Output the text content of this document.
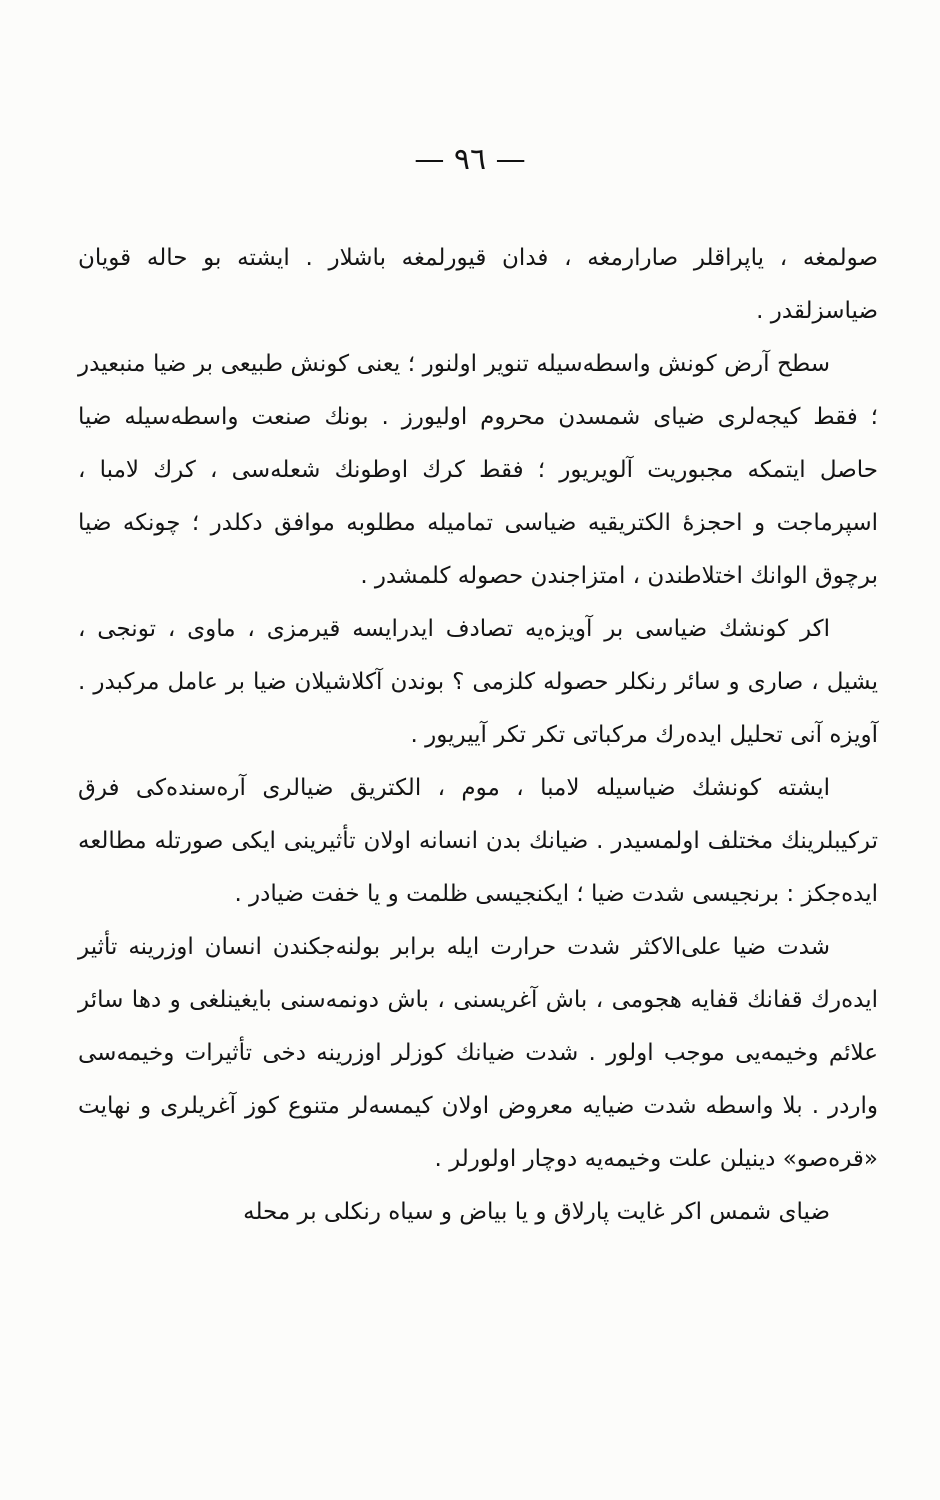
— ٩٦ —

صولمغه ، یاپراقلر صارارمغه ، فدان قیورلمغه باشلار . ایشته بو حاله قویان ضیاسزلقدر .

سطح آرض کونش واسطه‌سیله تنویر اولنور ؛ یعنی کونش طبیعی بر ضیا منبعیدر ؛ فقط کیجه‌لری ضیای شمسدن محروم اولیورز . بونك صنعت واسطه‌سیله ضیا حاصل ایتمکه مجبوریت آلویریور ؛ فقط کرك اوطونك شعله‌سی ، کرك لامبا ، اسپرماجت و احجزهٔ الکتریقیه ضیاسی تماميله مطلوبه موافق دکلدر ؛ چونکه ضیا برچوق الوانك اختلاطندن ، امتزاجندن حصوله کلمشدر .

اکر کونشك ضیاسی بر آویزه‌یه تصادف ایدرایسه قیرمزی ، ماوی ، تونجی ، یشیل ، صاری و سائر رنکلر حصوله کلزمی ؟ بوندن آکلاشیلان ضیا بر عامل مرکبدر . آویزه آنی تحلیل ایده‌رك مرکباتی تکر تکر آییریور .

ایشته کونشك ضیاسیله لامبا ، موم ، الکتریق ضیالری آره‌سنده‌کی فرق ترکیبلرینك مختلف اولمسیدر . ضیانك بدن انسانه اولان تأثیرینی ایکی صورتله مطالعه ایده‌جکز : برنجیسی شدت ضیا ؛ ایکنجیسی ظلمت و یا خفت ضیادر .

شدت ضیا علی‌الاکثر شدت حرارت ایله برابر بولنه‌جکندن انسان اوزرینه تأثیر ایده‌رك قفانك قفایه هجومی ، باش آغریسنی ، باش دونمه‌سنی بایغینلغی و دها سائر علائم وخیمه‌یی موجب اولور . شدت ضیانك کوزلر اوزرینه دخی تأثیرات وخیمه‌سی واردر . بلا واسطه شدت ضیایه معروض اولان کیمسه‌لر متنوع کوز آغریلری و نهایت «قره‌صو» دینیلن علت وخیمه‌یه دوچار اولورلر .

ضیای شمس اکر غایت پارلاق و یا بیاض و سیاه رنکلی بر محله
